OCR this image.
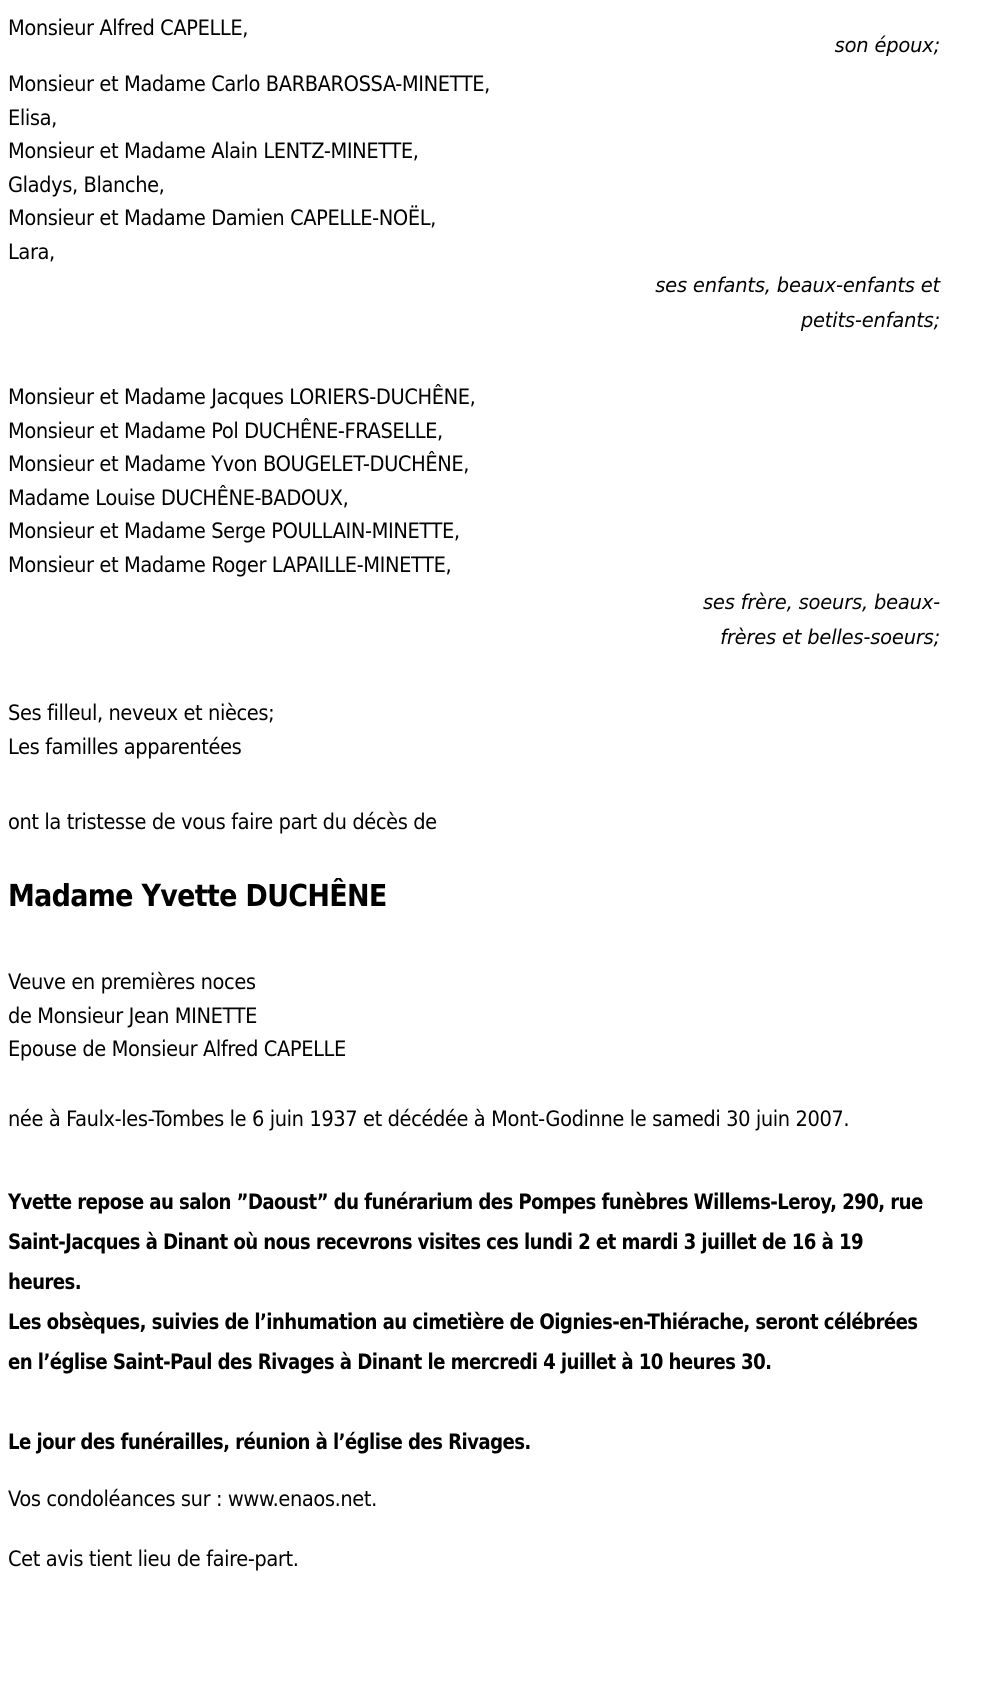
Monsieur Alfred CAPELLE,
son époux;
Monsieur et Madame Carlo BARBAROSSA-MINETTE,
Elisa,
Monsieur et Madame Alain LENTZ-MINETTE,
Gladys, Blanche,
Monsieur et Madame Damien CAPELLE-NOËL,
Lara,
ses enfants, beaux-enfants et petits-enfants;
Monsieur et Madame Jacques LORIERS-DUCHÊNE,
Monsieur et Madame Pol DUCHÊNE-FRASELLE,
Monsieur et Madame Yvon BOUGELET-DUCHÊNE,
Madame Louise DUCHÊNE-BADOUX,
Monsieur et Madame Serge POULLAIN-MINETTE,
Monsieur et Madame Roger LAPAILLE-MINETTE,
ses frère, soeurs, beaux-frères et belles-soeurs;
Ses filleul, neveux et nièces;
Les familles apparentées
ont la tristesse de vous faire part du décès de
Madame Yvette DUCHÊNE
Veuve en premières noces
de Monsieur Jean MINETTE
Epouse de Monsieur Alfred CAPELLE
née à Faulx-les-Tombes le 6 juin 1937 et décédée à Mont-Godinne le samedi 30 juin 2007.
Yvette repose au salon ”Daoust” du funérarium des Pompes funèbres Willems-Leroy, 290, rue Saint-Jacques à Dinant où nous recevrons visites ces lundi 2 et mardi 3 juillet de 16 à 19 heures.
Les obsèques, suivies de l’inhumation au cimetière de Oignies-en-Thiérache, seront célébrées en l’église Saint-Paul des Rivages à Dinant le mercredi 4 juillet à 10 heures 30.
Le jour des funérailles, réunion à l’église des Rivages.
Vos condoléances sur : www.enaos.net.
Cet avis tient lieu de faire-part.
